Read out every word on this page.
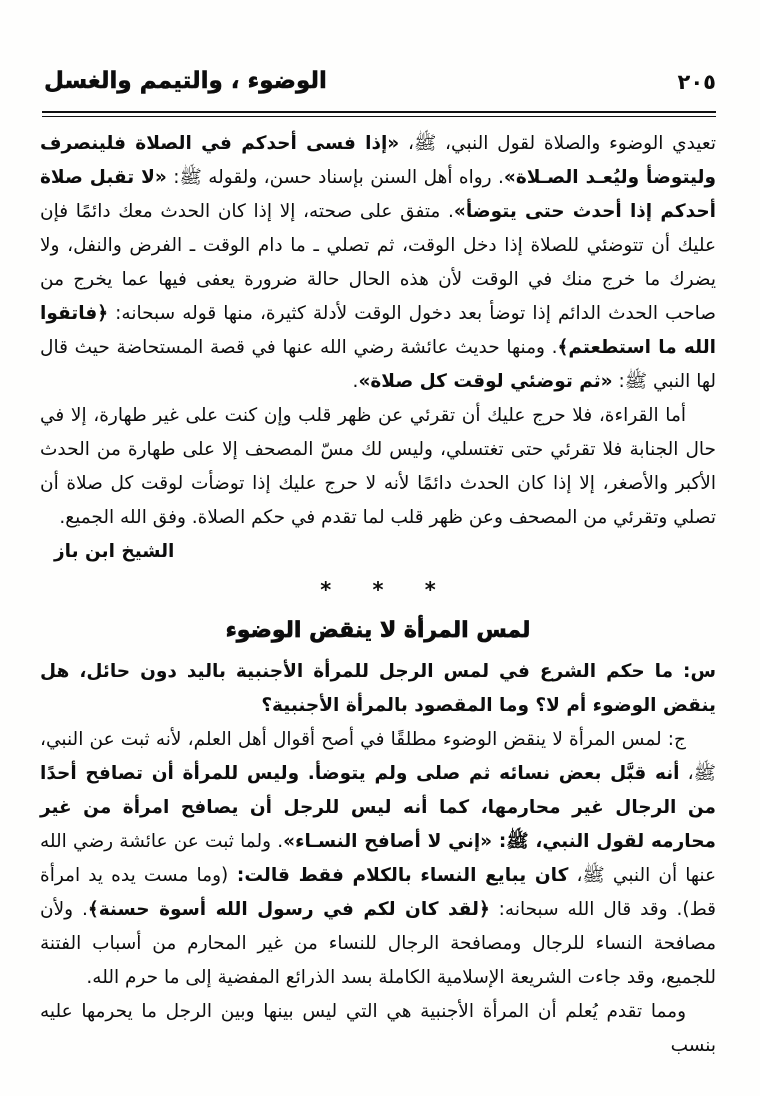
٢٠٥
الوضوء ، والتيمم والغسل
تعيدي الوضوء والصلاة لقول النبي، ﷺ، «إذا فسى أحدكم في الصلاة فلينصرف وليتوضأ وليُعـد الصـلاة». رواه أهل السنن بإسناد حسن، ولقوله ﷺ: «لا تقبل صلاة أحدكم إذا أحدث حتى يتوضأ». متفق على صحته، إلا إذا كان الحدث معك دائمًا فإن عليك أن تتوضئي للصلاة إذا دخل الوقت، ثم تصلي ـ ما دام الوقت ـ الفرض والنفل، ولا يضرك ما خرج منك في الوقت لأن هذه الحال حالة ضرورة يعفى فيها عما يخرج من صاحب الحدث الدائم إذا توضأ بعد دخول الوقت لأدلة كثيرة، منها قوله سبحانه: ﴿فاتقوا الله ما استطعتم﴾. ومنها حديث عائشة رضي الله عنها في قصة المستحاضة حيث قال لها النبي ﷺ: «ثم توضئي لوقت كل صلاة».
أما القراءة، فلا حرج عليك أن تقرئي عن ظهر قلب وإن كنت على غير طهارة، إلا في حال الجنابة فلا تقرئي حتى تغتسلي، وليس لك مسّ المصحف إلا على طهارة من الحدث الأكبر والأصغر، إلا إذا كان الحدث دائمًا لأنه لا حرج عليك إذا توضأت لوقت كل صلاة أن تصلي وتقرئي من المصحف وعن ظهر قلب لما تقدم في حكم الصلاة. وفق الله الجميع.
الشيخ ابن باز
* * *
لمس المرأة لا ينقض الوضوء
س: ما حكم الشرع في لمس الرجل للمرأة الأجنبية باليد دون حائل، هل ينقض الوضوء أم لا؟ وما المقصود بالمرأة الأجنبية؟
ج: لمس المرأة لا ينقض الوضوء مطلقًا في أصح أقوال أهل العلم، لأنه ثبت عن النبي، ﷺ، أنه قبَّل بعض نسائه ثم صلى ولم يتوضأ. وليس للمرأة أن تصافح أحدًا من الرجال غير محارمها، كما أنه ليس للرجل أن يصافح امرأة من غير محارمه لقول النبي، ﷺ: «إني لا أصافح النسـاء». ولما ثبت عن عائشة رضي الله عنها أن النبي ﷺ، كان يبايع النساء بالكلام فقط قالت: (وما مست يده يد امرأة قط). وقد قال الله سبحانه: ﴿لقد كان لكم في رسول الله أسوة حسنة﴾. ولأن مصافحة النساء للرجال ومصافحة الرجال للنساء من غير المحارم من أسباب الفتنة للجميع، وقد جاءت الشريعة الإسلامية الكاملة بسد الذرائع المفضية إلى ما حرم الله.
ومما تقدم يُعلم أن المرأة الأجنبية هي التي ليس بينها وبين الرجل ما يحرمها عليه بنسب
